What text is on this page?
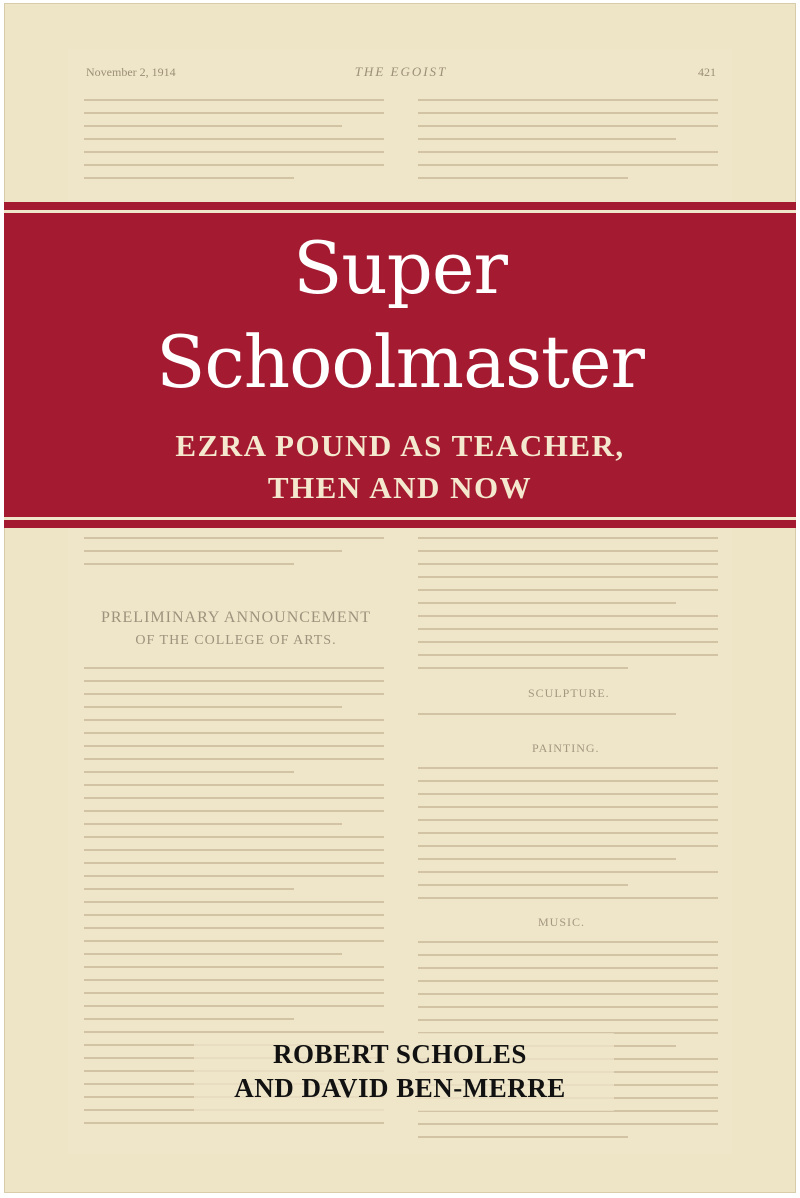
November 2, 1914	THE EGOIST	421
PRELIMINARY ANNOUNCEMENT
OF THE COLLEGE OF ARTS.
SCULPTURE.
PAINTING.
MUSIC.
Super
Schoolmaster
EZRA POUND AS TEACHER,
THEN AND NOW
ROBERT SCHOLES
AND DAVID BEN-MERRE
